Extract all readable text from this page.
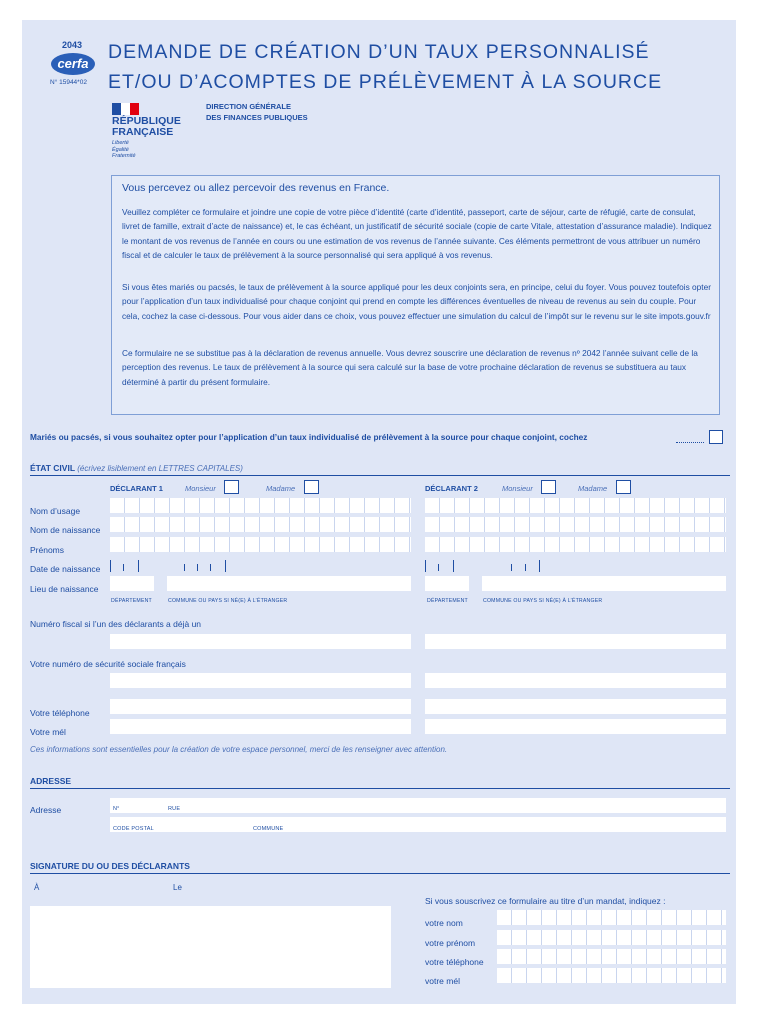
2043
cerfa
N° 15944*02
DEMANDE DE CRÉATION D’UN TAUX PERSONNALISÉ
ET/OU D’ACOMPTES DE PRÉLÈVEMENT À LA SOURCE
RÉPUBLIQUE
FRANÇAISE
Liberté
Égalité
Fraternité
DIRECTION GÉNÉRALE
DES FINANCES PUBLIQUES
Vous percevez ou allez percevoir des revenus en France.

Veuillez compléter ce formulaire et joindre une copie de votre pièce d’identité (carte d’identité, passeport, carte de séjour, carte de réfugié, carte de consulat, livret de famille, extrait d’acte de naissance) et, le cas échéant, un justificatif de sécurité sociale (copie de carte Vitale, attestation d’assurance maladie). Indiquez le montant de vos revenus de l’année en cours ou une estimation de vos revenus de l’année suivante. Ces éléments permettront de vous attribuer un numéro fiscal et de calculer le taux de prélèvement à la source personnalisé qui sera appliqué à vos revenus.

Si vous êtes mariés ou pacsés, le taux de prélèvement à la source appliqué pour les deux conjoints sera, en principe, celui du foyer. Vous pouvez toutefois opter pour l’application d’un taux individualisé pour chaque conjoint qui prend en compte les différences éventuelles de niveau de revenus au sein du couple. Pour cela, cochez la case ci-dessous. Pour vous aider dans ce choix, vous pouvez effectuer une simulation du calcul de l’impôt sur le revenu sur le site impots.gouv.fr

Ce formulaire ne se substitue pas à la déclaration de revenus annuelle. Vous devrez souscrire une déclaration de revenus nº 2042 l’année suivant celle de la perception des revenus. Le taux de prélèvement à la source qui sera calculé sur la base de votre prochaine déclaration de revenus se substituera au taux déterminé à partir du présent formulaire.

Mariés ou pacsés, si vous souhaitez opter pour l’application d’un taux individualisé de prélèvement à la source pour chaque conjoint, cochez
ÉTAT CIVIL (écrivez lisiblement en LETTRES CAPITALES)
DÉCLARANT 1	Monsieur	Madame	DÉCLARANT 2	Monsieur	Madame
Nom d’usage
Nom de naissance
Prénoms
Date de naissance
Lieu de naissance
DÉPARTEMENT	COMMUNE OU PAYS SI NÉ(E) À L’ÉTRANGER	DÉPARTEMENT	COMMUNE OU PAYS SI NÉ(E) À L’ÉTRANGER
Numéro fiscal si l’un des déclarants a déjà un
Votre numéro de sécurité sociale français
Votre téléphone
Votre mél
Ces informations sont essentielles pour la création de votre espace personnel, merci de les renseigner avec attention.
ADRESSE
Adresse	N°	RUE
CODE POSTAL	COMMUNE
SIGNATURE DU OU DES DÉCLARANTS
À	Le
Si vous souscrivez ce formulaire au titre d’un mandat, indiquez :
votre nom
votre prénom
votre téléphone
votre mél
